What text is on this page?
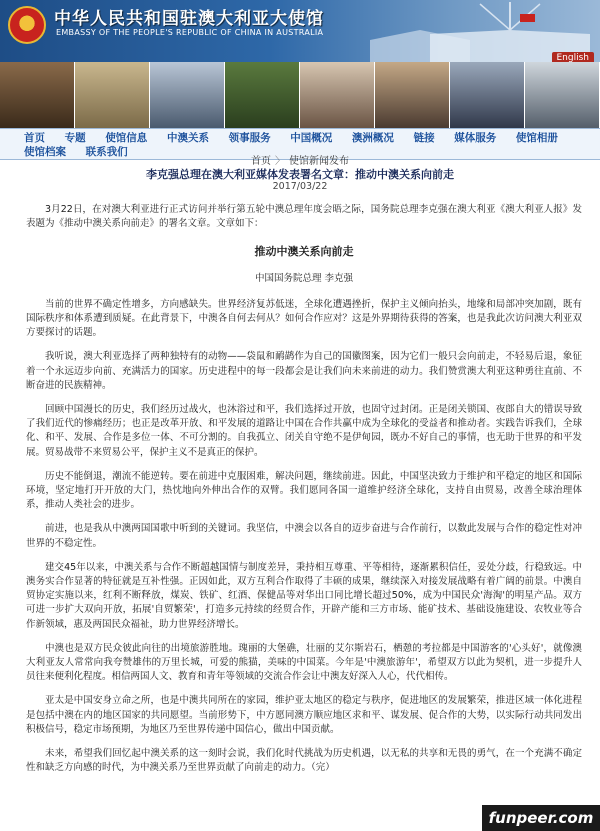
中华人民共和国驻澳大利亚大使馆
EMBASSY OF THE PEOPLE'S REPUBLIC OF CHINA IN AUSTRALIA
English
首页 专题 使馆信息 中澳关系 领事服务 中国概况 澳洲概况 链接 媒体服务 使馆相册
使馆档案 联系我们
首页 〉 使馆新闻发布
李克强总理在澳大利亚媒体发表署名文章：推动中澳关系向前走
2017/03/22

3月22日，在对澳大利亚进行正式访问并举行第五轮中澳总理年度会晤之际，国务院总理李克强在澳大利亚《澳大利亚人报》发表题为《推动中澳关系向前走》的署名文章。文章如下：

推动中澳关系向前走

中国国务院总理 李克强

当前的世界不确定性增多，方向感缺失。世界经济复苏低迷，全球化遭遇挫折，保护主义倾向抬头，地缘和局部冲突加剧，既有国际秩序和体系遭到质疑。在此背景下，中澳各自何去何从？如何合作应对？这是外界期待获得的答案，也是我此次访问澳大利亚双方要探讨的话题。

我听说，澳大利亚选择了两种独特有的动物——袋鼠和鸸鹋作为自己的国徽图案，因为它们一般只会向前走，不轻易后退，象征着一个永远迈步向前、充满活力的国家。历史进程中的每一段都会是让我们向未来前进的动力。我们赞赏澳大利亚这种勇往直前、不断奋进的民族精神。

回顾中国漫长的历史，我们经历过战火，也沐浴过和平，我们选择过开放，也固守过封闭。正是闭关锁国、夜郎自大的错误导致了我们近代的惨痛经历；也正是改革开放、和平发展的道路让中国在合作共赢中成为全球化的受益者和推动者。实践告诉我们，全球化、和平、发展、合作是多位一体、不可分割的。自我孤立、闭关自守绝不是伊甸园，既办不好自己的事情，也无助于世界的和平发展。贸易战带不来贸易公平，保护主义不是真正的保护。

历史不能倒退，潮流不能逆转。要在前进中克服困难，解决问题，继续前进。因此，中国坚决致力于维护和平稳定的地区和国际环境，坚定地打开开放的大门，热忱地向外伸出合作的双臂。我们愿同各国一道维护经济全球化，支持自由贸易，改善全球治理体系，推动人类社会的进步。

前进，也是我从中澳两国国歌中听到的关键词。我坚信，中澳会以各自的迈步奋进与合作前行，以数此发展与合作的稳定性对冲世界的不稳定性。

建交45年以来，中澳关系与合作不断超越国情与制度差异，秉持相互尊重、平等相待，逐渐累积信任，妥处分歧，行稳致远。中澳务实合作显著的特征就是互补性强。正因如此，双方互利合作取得了丰硕的成果，继续深入对接发展战略有着广阔的前景。中澳自贸协定实施以来，红利不断释放，煤炭、铁矿、红酒、保健品等对华出口同比增长超过50%，成为中国民众'海淘'的明星产品。双方可进一步扩大双向开放，拓展'自贸繁荣'，打造多元持续的经贸合作，开辟产能和三方市场、能矿技术、基础设施建设、农牧业等合作新领域，惠及两国民众福祉，助力世界经济增长。

中澳也是双方民众彼此向往的出境旅游胜地。瑰丽的大堡礁，壮丽的艾尔斯岩石，栖憩的考拉都是中国游客的'心头好'，就像澳大利亚友人常常向我夸赞雄伟的万里长城，可爱的熊猫，美味的中国菜。今年是'中澳旅游年'，希望双方以此为契机，进一步提升人员往来便利化程度。相信两国人文、教育和青年等领域的交流合作会让中澳友好深入人心，代代相传。

亚太是中国安身立命之所，也是中澳共同所在的家园，维护亚太地区的稳定与秩序，促进地区的发展繁荣，推进区域一体化进程是包括中澳在内的地区国家的共同愿望。当前形势下，中方愿同澳方顺应地区求和平、谋发展、促合作的大势，以实际行动共同发出积极信号，稳定市场预期，为地区乃至世界传递中国信心，做出中国贡献。

未来，希望我们回忆起中澳关系的这一刻时会说，我们化时代挑战为历史机遇，以无私的共享和无畏的勇气，在一个充满不确定性和缺乏方向感的时代，为中澳关系乃至世界贡献了向前走的动力。（完）

funpeer.com
